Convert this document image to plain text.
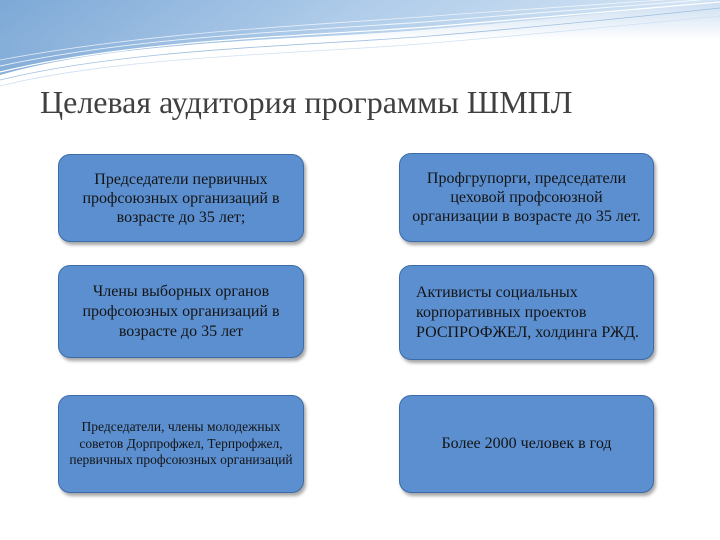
Целевая аудитория программы ШМПЛ
Председатели первичных профсоюзных организаций в возрасте до 35 лет;
Профгрупорги, председатели цеховой профсоюзной организации в возрасте до 35 лет.
Члены выборных органов профсоюзных организаций в возрасте до 35 лет
Активисты социальных корпоративных проектов РОСПРОФЖЕЛ, холдинга РЖД.
Председатели, члены молодежных советов Дорпрофжел, Терпрофжел, первичных профсоюзных организаций
Более 2000 человек в год
